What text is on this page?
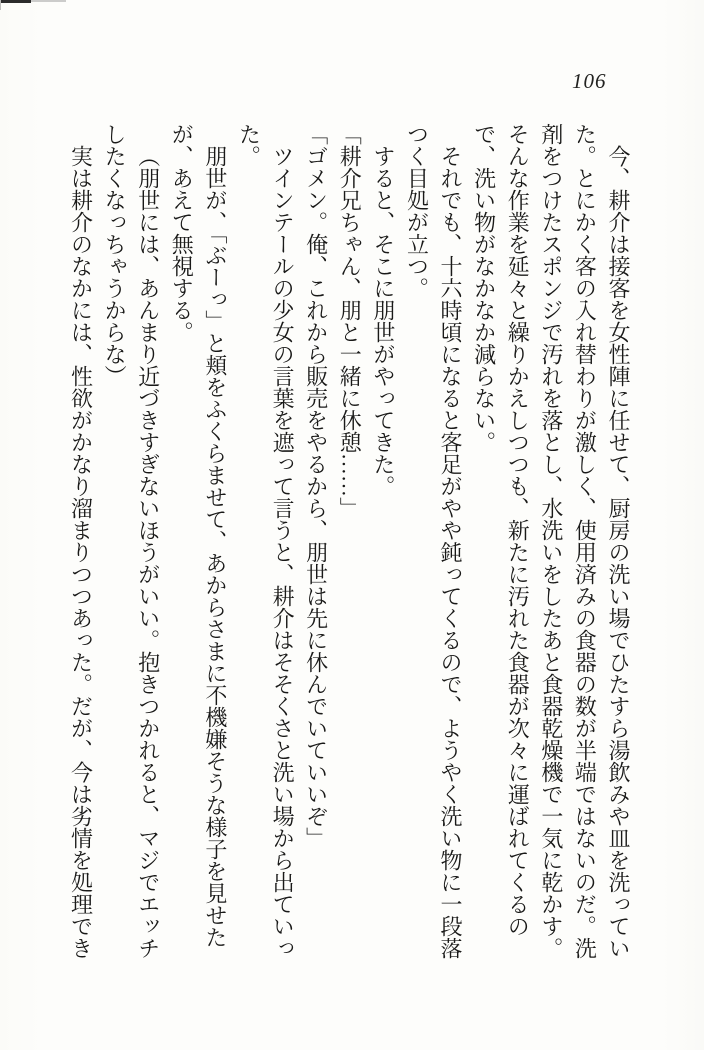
106

今、耕介は接客を女性陣に任せて、厨房の洗い場でひたすら湯飲みや皿を洗っていた。とにかく客の入れ替わりが激しく、使用済みの食器の数が半端ではないのだ。洗剤をつけたスポンジで汚れを落とし、水洗いをしたあと食器乾燥機で一気に乾かす。そんな作業を延々と繰りかえしつつも、新たに汚れた食器が次々に運ばれてくるので、洗い物がなかなか減らない。

それでも、十六時頃になると客足がやや鈍ってくるので、ようやく洗い物に一段落つく目処が立つ。

すると、そこに朋世がやってきた。

「耕介兄ちゃん、朋と一緒に休憩……」

「ゴメン。俺、これから販売をやるから、朋世は先に休んでいていいぞ」

ツインテールの少女の言葉を遮って言うと、耕介はそそくさと洗い場から出ていった。

朋世が、「ぶーっ」と頬をふくらませて、あからさまに不機嫌そうな様子を見せたが、あえて無視する。

（朋世には、あんまり近づきすぎないほうがいい。抱きつかれると、マジでエッチしたくなっちゃうからな）

実は耕介のなかには、性欲がかなり溜まりつつあった。だが、今は劣情を処理でき
